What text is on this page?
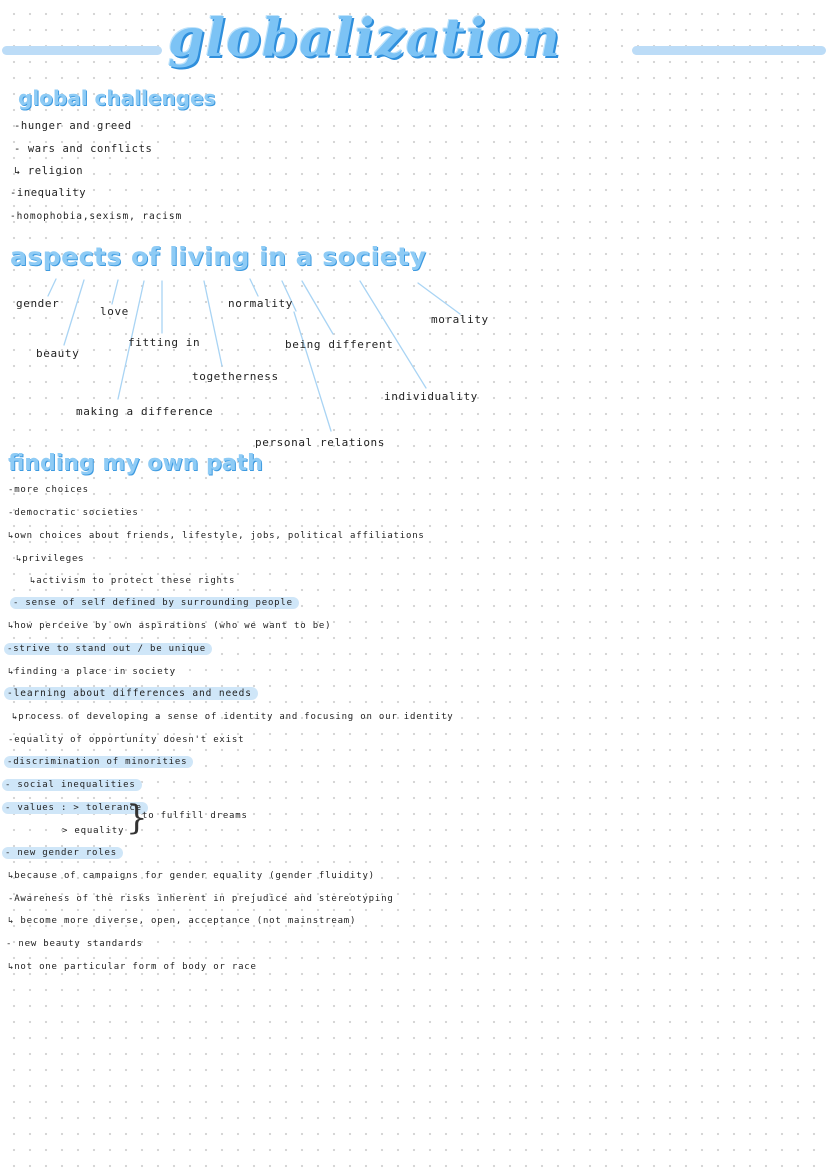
globalization
global challenges
-hunger and greed
- wars and conflicts
↳ religion
-inequality
-homophobia,sexism, racism
aspects of living in a society
gender
love
normality
morality
beauty
fitting in	being different
togetherness
individuality
making a difference
personal relations
finding my own path
-more choices
-democratic societies
↳own choices about friends, lifestyle, jobs, political affiliations
↳privileges
↳activism to protect these rights
- sense of self defined by surrounding people
↳how perceive by own aspirations (who we want to be)
-strive to stand out / be unique
↳finding a place in society
-learning about differences and needs
↳process of developing a sense of identity and focusing on our identity
-equality of opportunity doesn't exist
-discrimination of minorities
- social inequalities
- values : > tolerance
> equality }
to fulfill dreams
- new gender roles
↳because of campaigns for gender equality (gender fluidity)
-Awareness of the risks inherent in prejudice and stereotyping
↳ become more diverse, open, acceptance (not mainstream)
- new beauty standards
↳not one particular form of body or race
